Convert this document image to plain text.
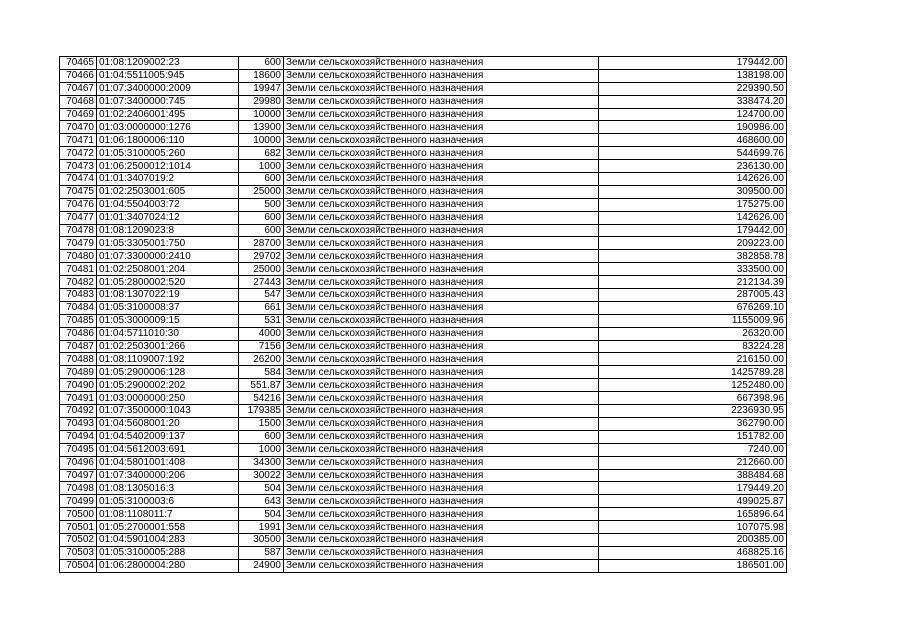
70465	01:08:1209002:23	600	Земли сельскохозяйственного назначения	179442.00
70466	01:04:5511005:945	18600	Земли сельскохозяйственного назначения	138198.00
70467	01:07:3400000:2009	19947	Земли сельскохозяйственного назначения	229390.50
70468	01:07:3400000:745	29980	Земли сельскохозяйственного назначения	338474.20
70469	01:02:2406001:495	10000	Земли сельскохозяйственного назначения	124700.00
70470	01:03:0000000:1276	13900	Земли сельскохозяйственного назначения	190986.00
70471	01:06:1800006:110	10000	Земли сельскохозяйственного назначения	468600.00
70472	01:05:3100005:260	682	Земли сельскохозяйственного назначения	544699.76
70473	01:06:2500012:1014	1000	Земли сельскохозяйственного назначения	236130.00
70474	01:01:3407019:2	600	Земли сельскохозяйственного назначения	142626.00
70475	01:02:2503001:605	25000	Земли сельскохозяйственного назначения	309500.00
70476	01:04:5504003:72	500	Земли сельскохозяйственного назначения	175275.00
70477	01:01:3407024:12	600	Земли сельскохозяйственного назначения	142626.00
70478	01:08:1209023:8	600	Земли сельскохозяйственного назначения	179442.00
70479	01:05:3305001:750	28700	Земли сельскохозяйственного назначения	209223.00
70480	01:07:3300000:2410	29702	Земли сельскохозяйственного назначения	382858.78
70481	01:02:2508001:204	25000	Земли сельскохозяйственного назначения	333500.00
70482	01:05:2800002:520	27443	Земли сельскохозяйственного назначения	212134.39
70483	01:08:1307022:19	547	Земли сельскохозяйственного назначения	287005.43
70484	01:05:3100008:37	661	Земли сельскохозяйственного назначения	676269.10
70485	01:05:3000009:15	531	Земли сельскохозяйственного назначения	1155009.96
70486	01:04:5711010:30	4000	Земли сельскохозяйственного назначения	26320.00
70487	01:02:2503001:266	7156	Земли сельскохозяйственного назначения	83224.28
70488	01:08:1109007:192	26200	Земли сельскохозяйственного назначения	216150.00
70489	01:05:2900006:128	584	Земли сельскохозяйственного назначения	1425789.28
70490	01:05:2900002:202	551.87	Земли сельскохозяйственного назначения	1252480.00
70491	01:03:0000000:250	54216	Земли сельскохозяйственного назначения	667398.96
70492	01:07:3500000:1043	179385	Земли сельскохозяйственного назначения	2236930.95
70493	01:04:5608001:20	1500	Земли сельскохозяйственного назначения	362790.00
70494	01:04:5402009:137	600	Земли сельскохозяйственного назначения	151782.00
70495	01:04:5612003:691	1000	Земли сельскохозяйственного назначения	7240.00
70496	01:04:5801001:408	34300	Земли сельскохозяйственного назначения	212660.00
70497	01:07:3400000:206	30022	Земли сельскохозяйственного назначения	388484.68
70498	01:08:1305016:3	504	Земли сельскохозяйственного назначения	179449.20
70499	01:05:3100003:6	643	Земли сельскохозяйственного назначения	499025.87
70500	01:08:1108011:7	504	Земли сельскохозяйственного назначения	165896.64
70501	01:05:2700001:558	1991	Земли сельскохозяйственного назначения	107075.98
70502	01:04:5901004:283	30500	Земли сельскохозяйственного назначения	200385.00
70503	01:05:3100005:288	587	Земли сельскохозяйственного назначения	468825.16
70504	01:06:2800004:280	24900	Земли сельскохозяйственного назначения	186501.00
